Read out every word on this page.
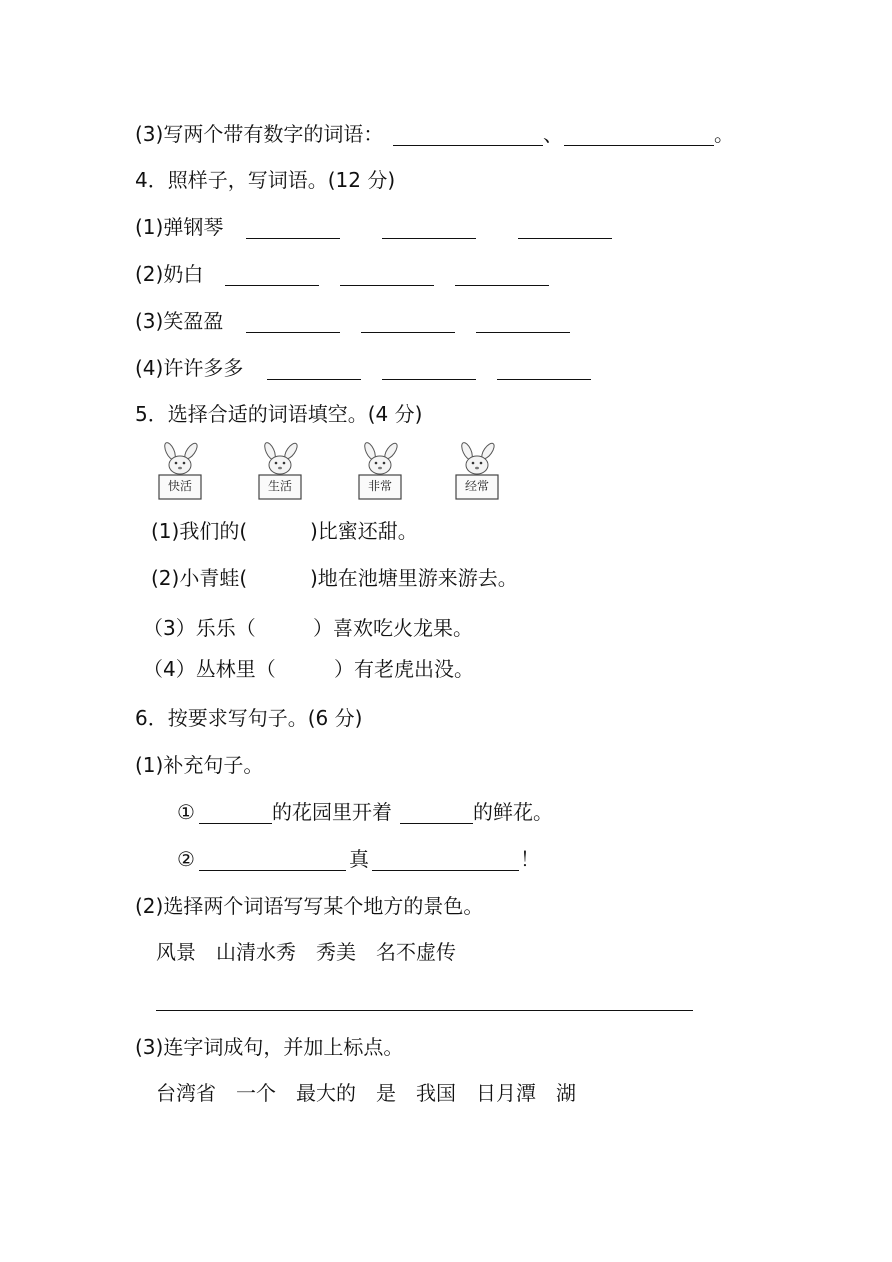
(3)写两个带有数字的词语：	、	。
4．照样子，写词语。(12 分)
(1)弹钢琴
(2)奶白
(3)笑盈盈
(4)许许多多
5．选择合适的词语填空。(4 分)
快活	生活	非常	经常
(1)我们的(	)比蜜还甜。
(2)小青蛙(	)地在池塘里游来游去。
（3）乐乐（	）喜欢吃火龙果。
（4）丛林里（	）有老虎出没。
6．按要求写句子。(6 分)
(1)补充句子。
①	的花园里开着	的鲜花。
②	真	！
(2)选择两个词语写写某个地方的景色。
风景　山清水秀　秀美　名不虚传
(3)连字词成句，并加上标点。
台湾省　一个　最大的　是　我国　日月潭　湖
